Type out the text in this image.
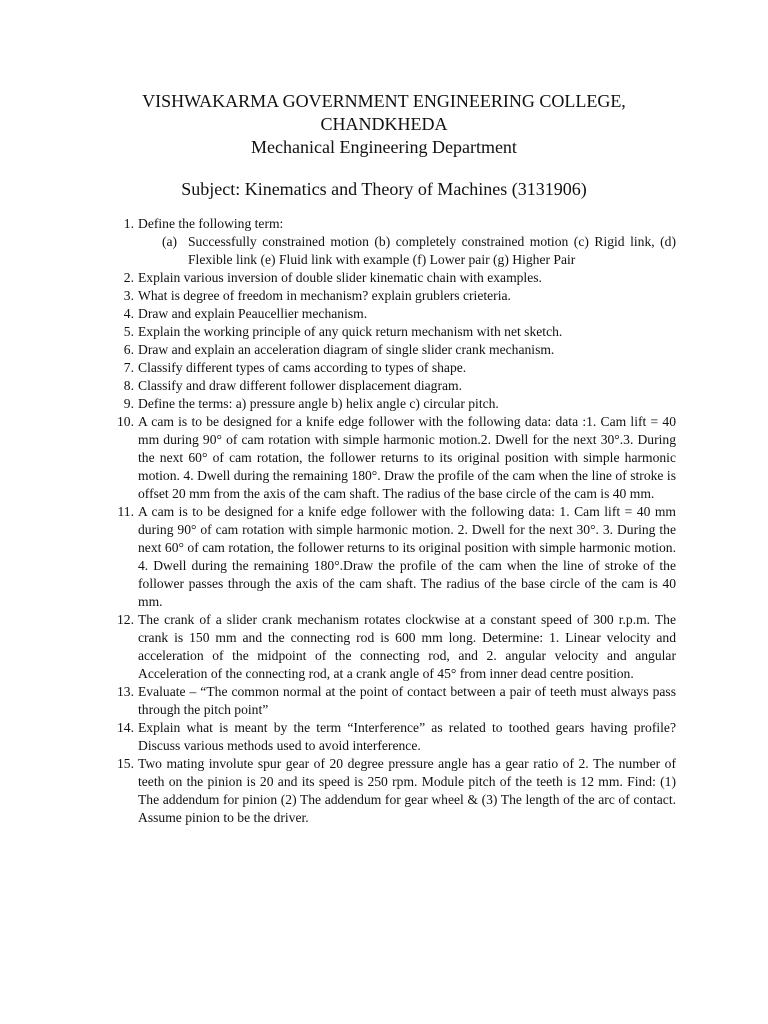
VISHWAKARMA GOVERNMENT ENGINEERING COLLEGE,
CHANDKHEDA
Mechanical Engineering Department
Subject: Kinematics and Theory of Machines (3131906)
1 . Define the following term:
(a) Successfully constrained motion (b) completely constrained motion (c) Rigid link, (d) Flexible link (e) Fluid link with example (f) Lower pair (g) Higher Pair
2 . Explain various inversion of double slider kinematic chain with examples.
3 . What is degree of freedom in mechanism? explain grublers crieteria.
4 . Draw and explain Peaucellier mechanism.
5 . Explain the working principle of any quick return mechanism with net sketch.
6 . Draw and explain an acceleration diagram of single slider crank mechanism.
7 . Classify different types of cams according to types of shape.
8 . Classify and draw different follower displacement diagram.
9 . Define the terms: a) pressure angle b) helix angle c) circular pitch.
10 . A cam is to be designed for a knife edge follower with the following data: data :1. Cam lift = 40 mm during 90° of cam rotation with simple harmonic motion.2. Dwell for the next 30°.3. During the next 60° of cam rotation, the follower returns to its original position with simple harmonic motion. 4. Dwell during the remaining 180°. Draw the profile of the cam when the line of stroke is offset 20 mm from the axis of the cam shaft. The radius of the base circle of the cam is 40 mm.
11 . A cam is to be designed for a knife edge follower with the following data: 1. Cam lift = 40 mm during 90° of cam rotation with simple harmonic motion. 2. Dwell for the next 30°. 3. During the next 60° of cam rotation, the follower returns to its original position with simple harmonic motion. 4. Dwell during the remaining 180°.Draw the profile of the cam when the line of stroke of the follower passes through the axis of the cam shaft. The radius of the base circle of the cam is 40 mm.
12 . The crank of a slider crank mechanism rotates clockwise at a constant speed of 300 r.p.m. The crank is 150 mm and the connecting rod is 600 mm long. Determine: 1. Linear velocity and acceleration of the midpoint of the connecting rod, and 2. angular velocity and angular Acceleration of the connecting rod, at a crank angle of 45° from inner dead centre position.
13 . Evaluate – “The common normal at the point of contact between a pair of teeth must always pass through the pitch point”
14 . Explain what is meant by the term “Interference” as related to toothed gears having profile? Discuss various methods used to avoid interference.
15 . Two mating involute spur gear of 20 degree pressure angle has a gear ratio of 2. The number of teeth on the pinion is 20 and its speed is 250 rpm. Module pitch of the teeth is 12 mm. Find: (1) The addendum for pinion (2) The addendum for gear wheel & (3) The length of the arc of contact. Assume pinion to be the driver.
